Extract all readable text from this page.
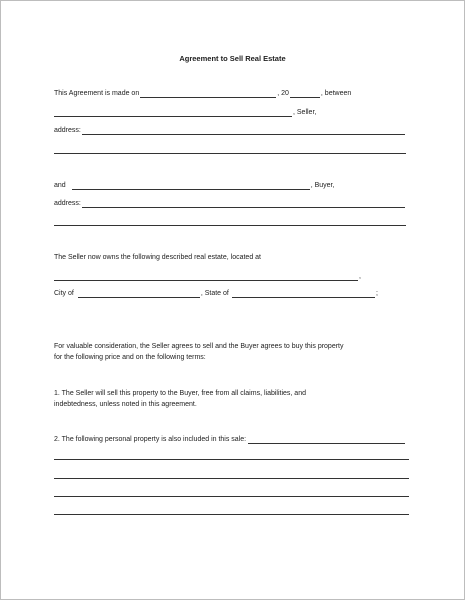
Agreement to Sell Real Estate
This Agreement is made on	, 20	, between
, Seller,
address:
and	, Buyer,
address:
The Seller now owns the following described real estate, located at
,
City of	, State of	;
For valuable consideration, the Seller agrees to sell and the Buyer agrees to buy this property
for the following price and on the following terms:
1. The Seller will sell this property to the Buyer, free from all claims, liabilities, and
indebtedness, unless noted in this agreement.
2. The following personal property is also included in this sale:
